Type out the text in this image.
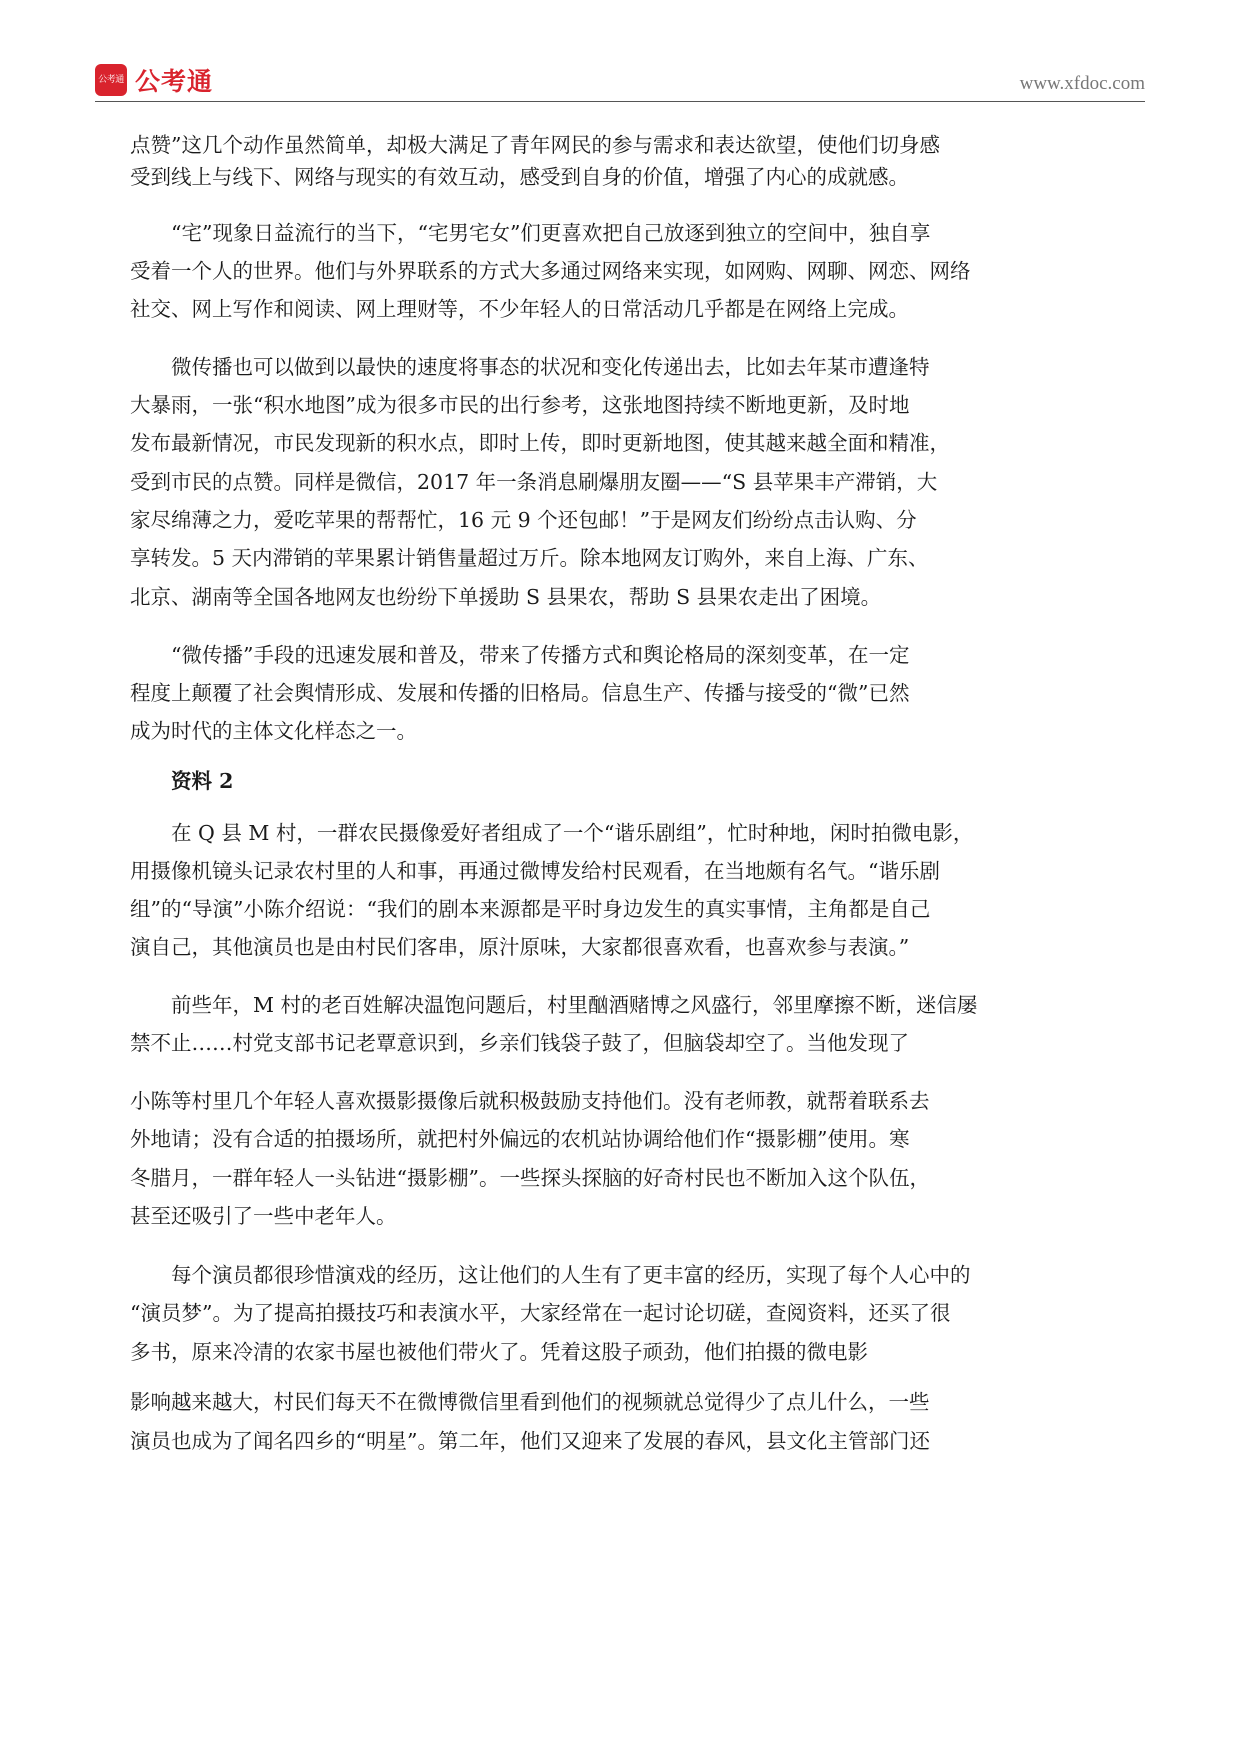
公考通 公考通	www.xfdoc.com

点赞”这几个动作虽然简单，却极大满足了青年网民的参与需求和表达欲望，使他们切身感

受到线上与线下、网络与现实的有效互动，感受到自身的价值，增强了内心的成就感。

　　“宅”现象日益流行的当下，“宅男宅女”们更喜欢把自己放逐到独立的空间中，独自享

受着一个人的世界。他们与外界联系的方式大多通过网络来实现，如网购、网聊、网恋、网络

社交、网上写作和阅读、网上理财等，不少年轻人的日常活动几乎都是在网络上完成。

　　微传播也可以做到以最快的速度将事态的状况和变化传递出去，比如去年某市遭逢特

大暴雨，一张“积水地图”成为很多市民的出行参考，这张地图持续不断地更新，及时地

发布最新情况，市民发现新的积水点，即时上传，即时更新地图，使其越来越全面和精准，

受到市民的点赞。同样是微信，2017 年一条消息刷爆朋友圈——“S 县苹果丰产滞销，大

家尽绵薄之力，爱吃苹果的帮帮忙，16 元 9 个还包邮！”于是网友们纷纷点击认购、分

享转发。5 天内滞销的苹果累计销售量超过万斤。除本地网友订购外，来自上海、广东、

北京、湖南等全国各地网友也纷纷下单援助 S 县果农，帮助 S 县果农走出了困境。

　　“微传播”手段的迅速发展和普及，带来了传播方式和舆论格局的深刻变革，在一定

程度上颠覆了社会舆情形成、发展和传播的旧格局。信息生产、传播与接受的“微”已然

成为时代的主体文化样态之一。

　　资料 2

　　在 Q 县 M 村，一群农民摄像爱好者组成了一个“谐乐剧组”，忙时种地，闲时拍微电影，

用摄像机镜头记录农村里的人和事，再通过微博发给村民观看，在当地颇有名气。“谐乐剧

组”的“导演”小陈介绍说：“我们的剧本来源都是平时身边发生的真实事情，主角都是自己

演自己，其他演员也是由村民们客串，原汁原味，大家都很喜欢看，也喜欢参与表演。”

　　前些年，M 村的老百姓解决温饱问题后，村里酗酒赌博之风盛行，邻里摩擦不断，迷信屡

禁不止……村党支部书记老覃意识到，乡亲们钱袋子鼓了，但脑袋却空了。当他发现了

小陈等村里几个年轻人喜欢摄影摄像后就积极鼓励支持他们。没有老师教，就帮着联系去

外地请；没有合适的拍摄场所，就把村外偏远的农机站协调给他们作“摄影棚”使用。寒

冬腊月，一群年轻人一头钻进“摄影棚”。一些探头探脑的好奇村民也不断加入这个队伍，

甚至还吸引了一些中老年人。

　　每个演员都很珍惜演戏的经历，这让他们的人生有了更丰富的经历，实现了每个人心中的

“演员梦”。为了提高拍摄技巧和表演水平，大家经常在一起讨论切磋，查阅资料，还买了很

多书，原来冷清的农家书屋也被他们带火了。凭着这股子顽劲，他们拍摄的微电影

影响越来越大，村民们每天不在微博微信里看到他们的视频就总觉得少了点儿什么，一些

演员也成为了闻名四乡的“明星”。第二年，他们又迎来了发展的春风，县文化主管部门还
